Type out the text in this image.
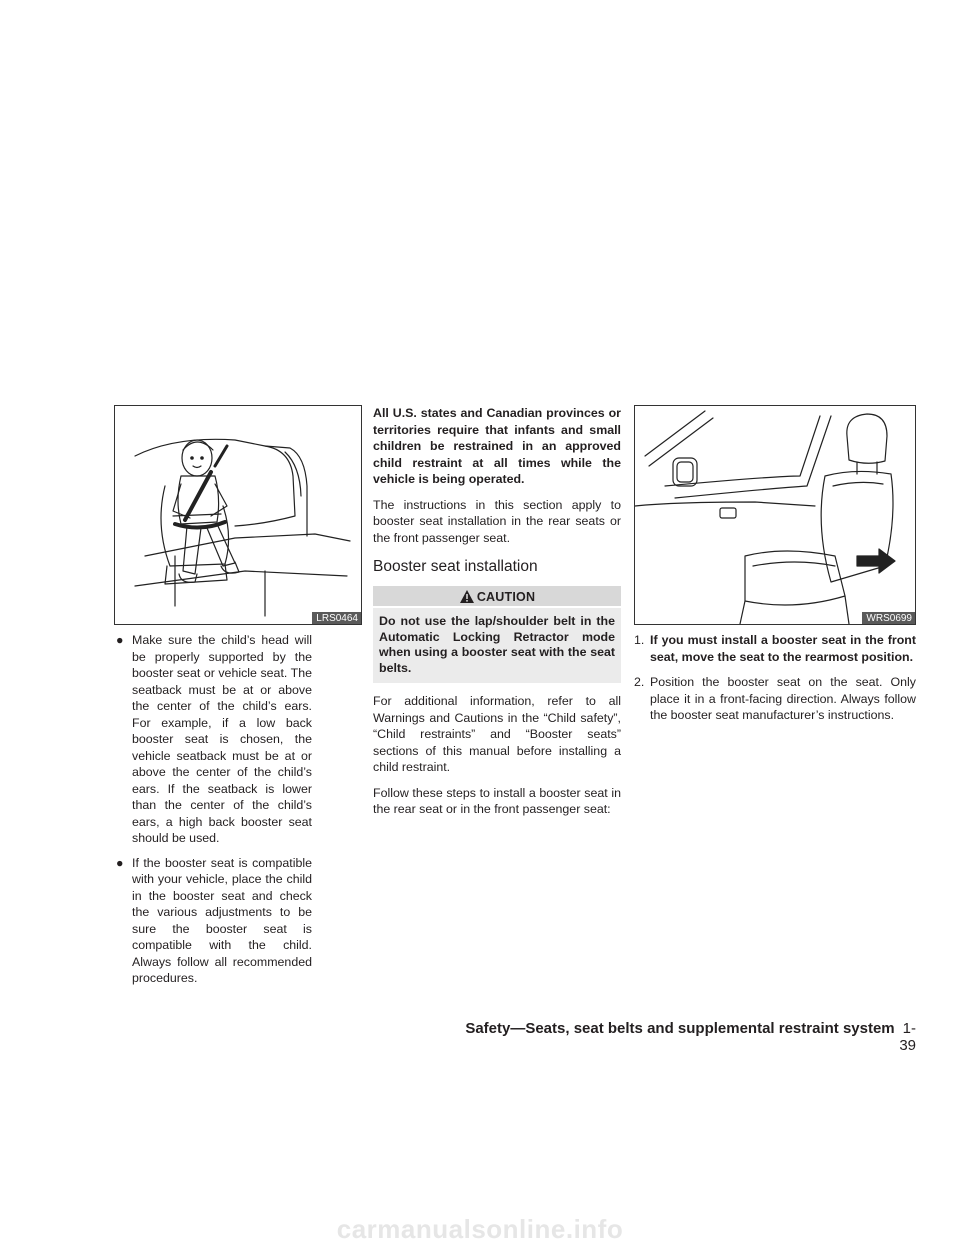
LRS0464

● Make sure the child’s head will be properly supported by the booster seat or vehicle seat. The seatback must be at or above the center of the child’s ears. For example, if a low back booster seat is chosen, the vehicle seatback must be at or above the center of the child’s ears. If the seatback is lower than the center of the child’s ears, a high back booster seat should be used.

● If the booster seat is compatible with your vehicle, place the child in the booster seat and check the various adjustments to be sure the booster seat is compatible with the child. Always follow all recommended procedures.

All U.S. states and Canadian provinces or territories require that infants and small children be restrained in an approved child restraint at all times while the vehicle is being operated.

The instructions in this section apply to booster seat installation in the rear seats or the front passenger seat.

Booster seat installation
CAUTION
Do not use the lap/shoulder belt in the Automatic Locking Retractor mode when using a booster seat with the seat belts.

For additional information, refer to all Warnings and Cautions in the “Child safety”, “Child restraints” and “Booster seats” sections of this manual before installing a child restraint.

Follow these steps to install a booster seat in the rear seat or in the front passenger seat:

WRS0699

1. If you must install a booster seat in the front seat, move the seat to the rearmost position.

2. Position the booster seat on the seat. Only place it in a front-facing direction. Always follow the booster seat manufacturer’s instructions.

Safety—Seats, seat belts and supplemental restraint system 1-39
carmanualsonline.info
